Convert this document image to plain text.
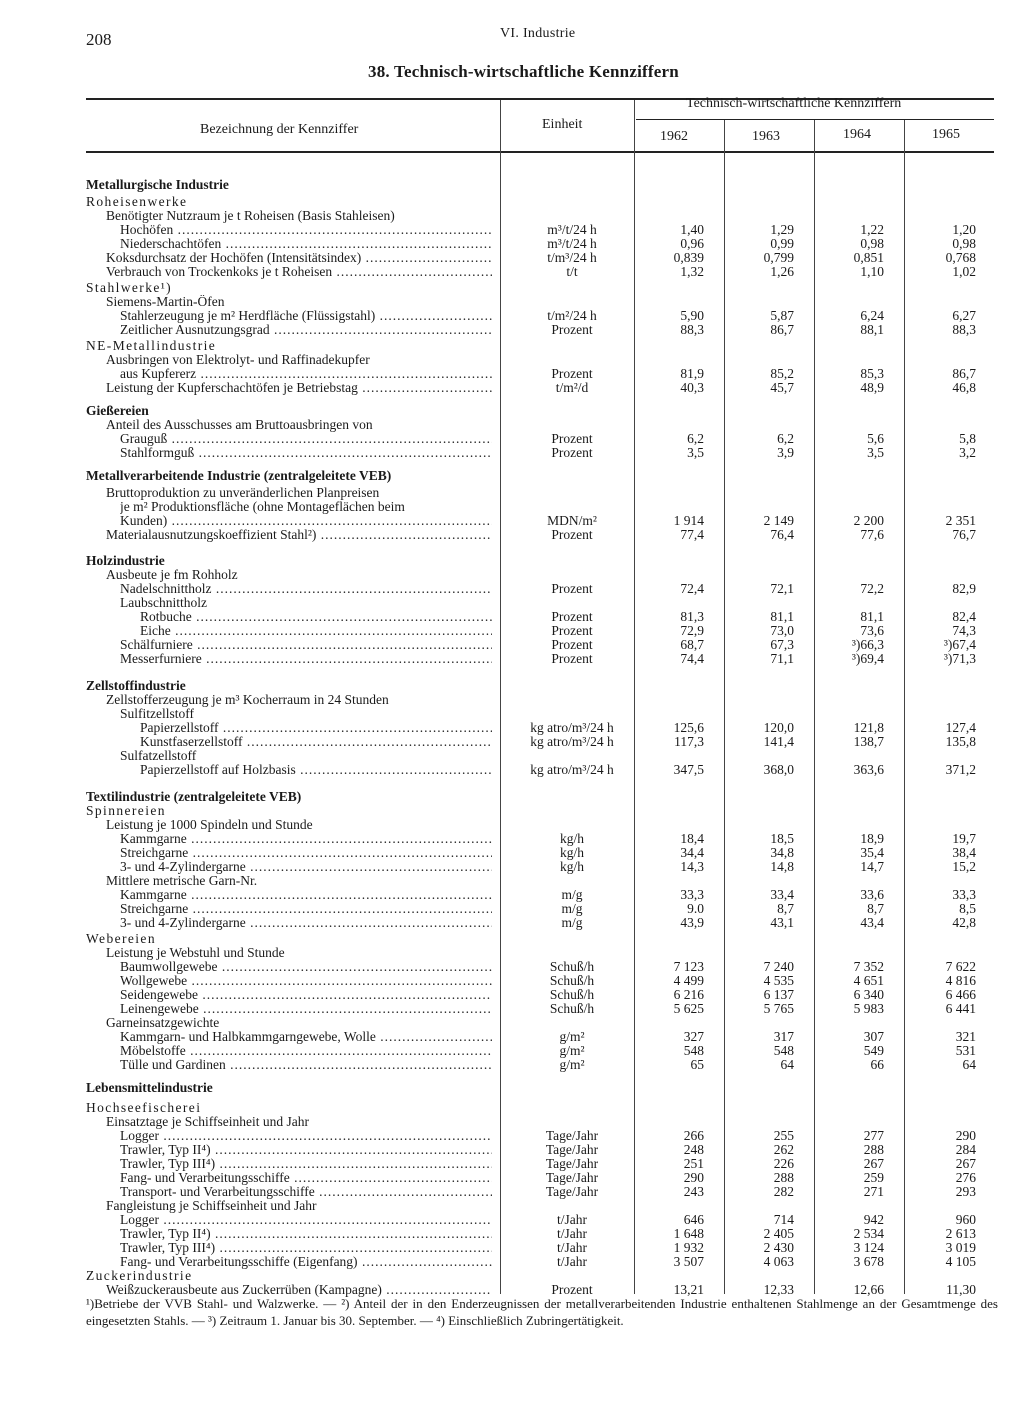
208	VI. Industrie
38. Technisch-wirtschaftliche Kennziffern
Bezeichnung der Kennziffer	Einheit
Technisch-wirtschaftliche Kennziffern
1962	1963	1964	1965
Metallurgische Industrie
Roheisenwerke
Benötigter Nutzraum je t Roheisen (Basis Stahleisen)
Hochöfen .....	m³/t/24 h	1,40	1,29	1,22	1,20
Niederschachtöfen .....	m³/t/24 h	0,96	0,99	0,98	0,98
Koksdurchsatz der Hochöfen (Intensitätsindex) .....	t/m³/24 h	0,839	0,799	0,851	0,768
Verbrauch von Trockenkoks je t Roheisen .....	t/t	1,32	1,26	1,10	1,02
Stahlwerke¹)
Siemens-Martin-Öfen
Stahlerzeugung je m² Herdfläche (Flüssigstahl) .....	t/m²/24 h	5,90	5,87	6,24	6,27
Zeitlicher Ausnutzungsgrad .....	Prozent	88,3	86,7	88,1	88,3
NE-Metallindustrie
Ausbringen von Elektrolyt- und Raffinadekupfer
aus Kupfererz .....	Prozent	81,9	85,2	85,3	86,7
Leistung der Kupferschachtöfen je Betriebstag .....	t/m²/d	40,3	45,7	48,9	46,8
Gießereien
Anteil des Ausschusses am Bruttoausbringen von
Grauguß .....	Prozent	6,2	6,2	5,6	5,8
Stahlformguß .....	Prozent	3,5	3,9	3,5	3,2
Metallverarbeitende Industrie (zentralgeleitete VEB)
Bruttoproduktion zu unveränderlichen Planpreisen
je m² Produktionsfläche (ohne Montageflächen beim
Kunden) .....	MDN/m²	1 914	2 149	2 200	2 351
Materialausnutzungskoeffizient Stahl²) .....	Prozent	77,4	76,4	77,6	76,7
Holzindustrie
Ausbeute je fm Rohholz
Nadelschnittholz .....	Prozent	72,4	72,1	72,2	82,9
Laubschnittholz
Rotbuche .....	Prozent	81,3	81,1	81,1	82,4
Eiche .....	Prozent	72,9	73,0	73,6	74,3
Schälfurniere .....	Prozent	68,7	67,3	³)66,3	³)67,4
Messerfurniere .....	Prozent	74,4	71,1	³)69,4	³)71,3
Zellstoffindustrie
Zellstofferzeugung je m³ Kocherraum in 24 Stunden
Sulfitzellstoff
Papierzellstoff .....	kg atro/m³/24 h	125,6	120,0	121,8	127,4
Kunstfaserzellstoff .....	kg atro/m³/24 h	117,3	141,4	138,7	135,8
Sulfatzellstoff
Papierzellstoff auf Holzbasis .....	kg atro/m³/24 h	347,5	368,0	363,6	371,2
Textilindustrie (zentralgeleitete VEB)
Spinnereien
Leistung je 1000 Spindeln und Stunde
Kammgarne .....	kg/h	18,4	18,5	18,9	19,7
Streichgarne .....	kg/h	34,4	34,8	35,4	38,4
3- und 4-Zylindergarne .....	kg/h	14,3	14,8	14,7	15,2
Mittlere metrische Garn-Nr.
Kammgarne .....	m/g	33,3	33,4	33,6	33,3
Streichgarne .....	m/g	9.0	8,7	8,7	8,5
3- und 4-Zylindergarne .....	m/g	43,9	43,1	43,4	42,8
Webereien
Leistung je Webstuhl und Stunde
Baumwollgewebe .....	Schuß/h	7 123	7 240	7 352	7 622
Wollgewebe .....	Schuß/h	4 499	4 535	4 651	4 816
Seidengewebe .....	Schuß/h	6 216	6 137	6 340	6 466
Leinengewebe .....	Schuß/h	5 625	5 765	5 983	6 441
Garneinsatzgewichte
Kammgarn- und Halbkammgarngewebe, Wolle .....	g/m²	327	317	307	321
Möbelstoffe .....	g/m²	548	548	549	531
Tülle und Gardinen .....	g/m²	65	64	66	64
Lebensmittelindustrie
Hochseefischerei
Einsatztage je Schiffseinheit und Jahr
Logger .....	Tage/Jahr	266	255	277	290
Trawler, Typ II⁴) .....	Tage/Jahr	248	262	288	284
Trawler, Typ III⁴) .....	Tage/Jahr	251	226	267	267
Fang- und Verarbeitungsschiffe .....	Tage/Jahr	290	288	259	276
Transport- und Verarbeitungsschiffe .....	Tage/Jahr	243	282	271	293
Fangleistung je Schiffseinheit und Jahr
Logger .....	t/Jahr	646	714	942	960
Trawler, Typ II⁴) .....	t/Jahr	1 648	2 405	2 534	2 613
Trawler, Typ III⁴) .....	t/Jahr	1 932	2 430	3 124	3 019
Fang- und Verarbeitungsschiffe (Eigenfang) .....	t/Jahr	3 507	4 063	3 678	4 105
Zuckerindustrie
Weißzuckerausbeute aus Zuckerrüben (Kampagne) .....	Prozent	13,21	12,33	12,66	11,30
¹)Betriebe der VVB Stahl- und Walzwerke. — ²) Anteil der in den Enderzeugnissen der metallverarbeitenden Industrie enthaltenen Stahlmenge an der Gesamtmenge des eingesetzten Stahls. — ³) Zeitraum 1. Januar bis 30. September. — ⁴) Einschließlich Zubringertätigkeit.
